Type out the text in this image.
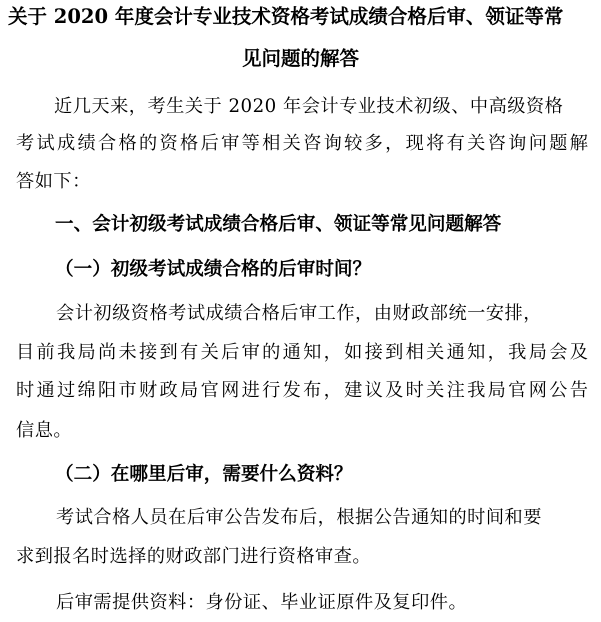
关于 2020 年度会计专业技术资格考试成绩合格后审、领证等常
见问题的解答
近几天来，考生关于 2020 年会计专业技术初级、中高级资格
考试成绩合格的资格后审等相关咨询较多，现将有关咨询问题解
答如下：
一、会计初级考试成绩合格后审、领证等常见问题解答
（一）初级考试成绩合格的后审时间？
会计初级资格考试成绩合格后审工作，由财政部统一安排，
目前我局尚未接到有关后审的通知，如接到相关通知，我局会及
时通过绵阳市财政局官网进行发布，建议及时关注我局官网公告
信息。
（二）在哪里后审，需要什么资料？
考试合格人员在后审公告发布后，根据公告通知的时间和要
求到报名时选择的财政部门进行资格审查。
后审需提供资料：身份证、毕业证原件及复印件。
